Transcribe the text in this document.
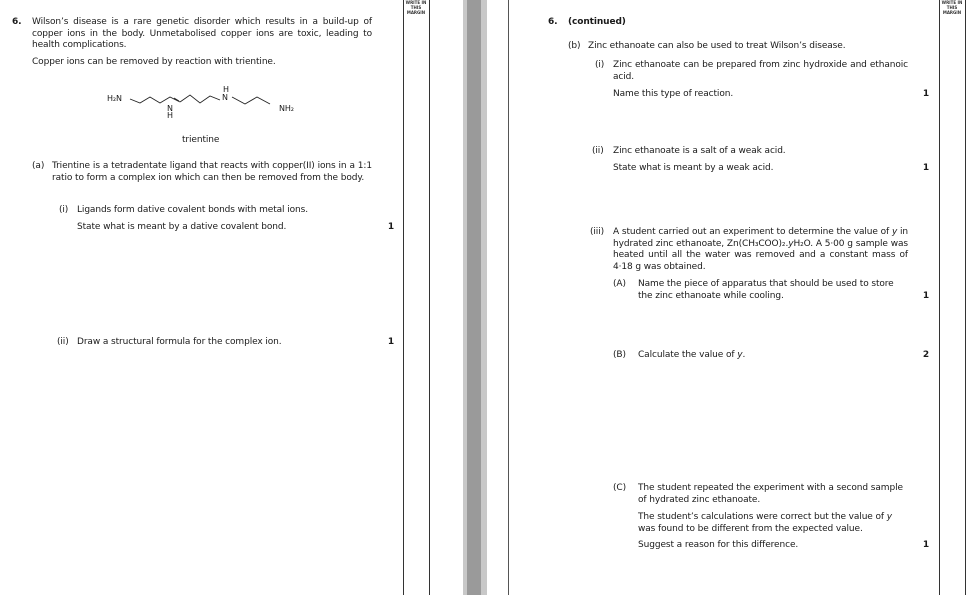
6. Wilson’s disease is a rare genetic disorder which results in a build-up of copper ions in the body. Unmetabolised copper ions are toxic, leading to health complications.
Copper ions can be removed by reaction with trientine.
H₂N
N
H
H
N
NH₂
trientine
(a) Trientine is a tetradentate ligand that reacts with copper(II) ions in a 1:1 ratio to form a complex ion which can then be removed from the body.
(i) Ligands form dative covalent bonds with metal ions.
State what is meant by a dative covalent bond.	1
(ii) Draw a structural formula for the complex ion.	1
WRITE IN
THIS
MARGIN
6. (continued)
(b) Zinc ethanoate can also be used to treat Wilson’s disease.
(i) Zinc ethanoate can be prepared from zinc hydroxide and ethanoic acid.
Name this type of reaction.	1
(ii) Zinc ethanoate is a salt of a weak acid.
State what is meant by a weak acid.	1
(iii) A student carried out an experiment to determine the value of y in hydrated zinc ethanoate, Zn(CH₃COO)₂.yH₂O. A 5·00 g sample was heated until all the water was removed and a constant mass of 4·18 g was obtained.
(A) Name the piece of apparatus that should be used to store the zinc ethanoate while cooling.	1
(B) Calculate the value of y.	2
(C) The student repeated the experiment with a second sample of hydrated zinc ethanoate.
The student’s calculations were correct but the value of y was found to be different from the expected value.
Suggest a reason for this difference.	1
WRITE IN
THIS
MARGIN
